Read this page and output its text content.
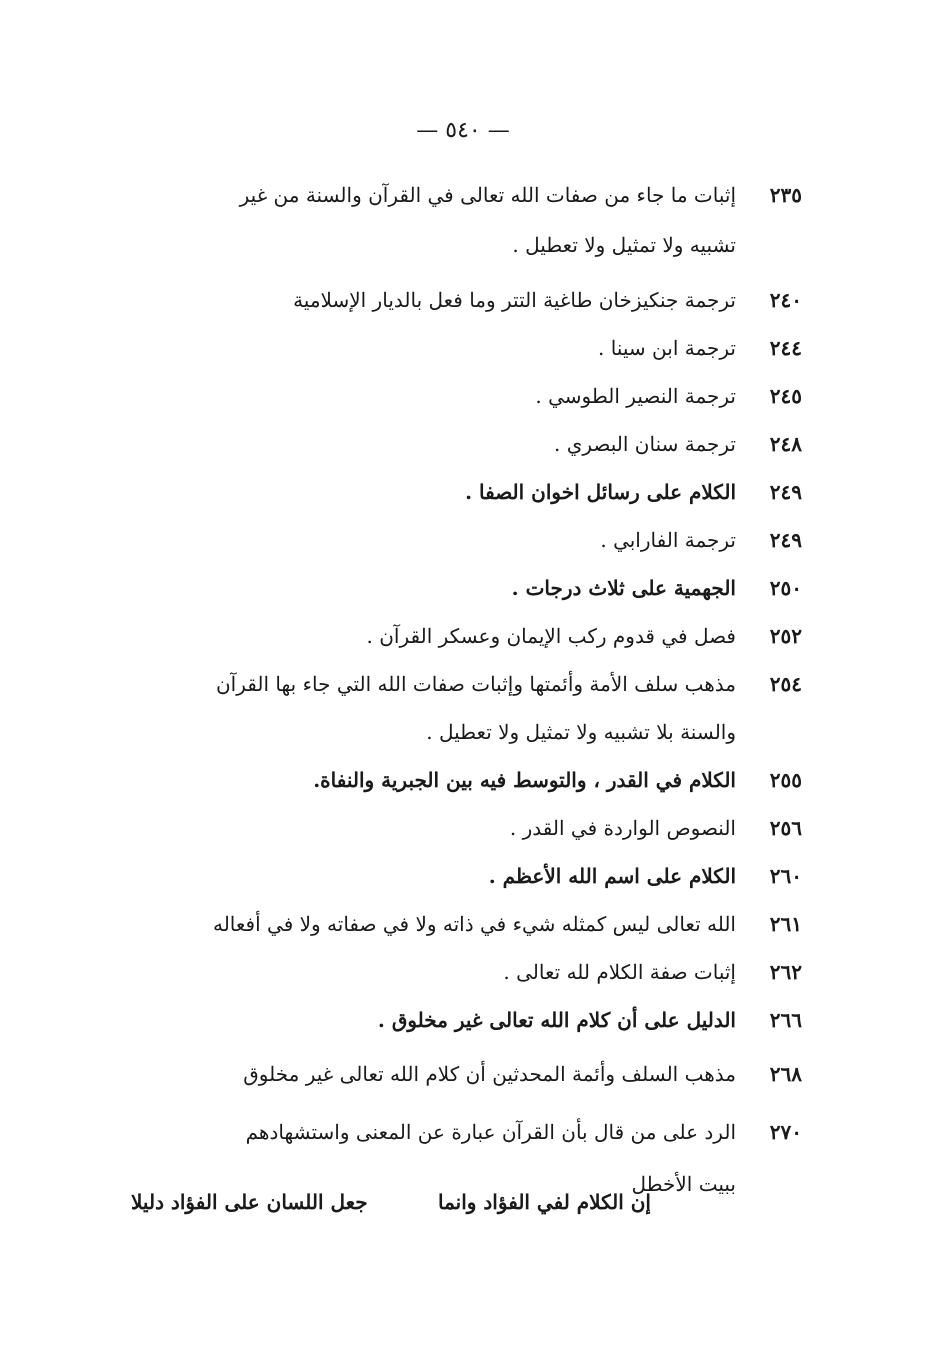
— ٥٤٠ —
٢٣٥
إثبات ما جاء من صفات الله تعالى في القرآن والسنة من غير
تشبيه ولا تمثيل ولا تعطيل .
٢٤٠
ترجمة جنكيزخان طاغية التتر وما فعل بالديار الإسلامية
٢٤٤
ترجمة ابن سينا .
٢٤٥
ترجمة النصير الطوسي .
٢٤٨
ترجمة سنان البصري .
٢٤٩
الكلام على رسائل اخوان الصفا .
٢٤٩
ترجمة الفارابي .
٢٥٠
الجهمية على ثلاث درجات .
٢٥٢
فصل في قدوم ركب الإيمان وعسكر القرآن .
٢٥٤
مذهب سلف الأمة وأئمتها وإثبات صفات الله التي جاء بها القرآن
والسنة بلا تشبيه ولا تمثيل ولا تعطيل .
٢٥٥
الكلام في القدر ، والتوسط فيه بين الجبرية والنفاة.
٢٥٦
النصوص الواردة في القدر .
٢٦٠
الكلام على اسم الله الأعظم .
٢٦١
الله تعالى ليس كمثله شيء في ذاته ولا في صفاته ولا في أفعاله
٢٦٢
إثبات صفة الكلام لله تعالى .
٢٦٦
الدليل على أن كلام الله تعالى غير مخلوق .
٢٦٨
مذهب السلف وأئمة المحدثين أن كلام الله تعالى غير مخلوق
٢٧٠
الرد على من قال بأن القرآن عبارة عن المعنى واستشهادهم
ببيت الأخطل
إن الكلام لفي الفؤاد وانما
جعل اللسان على الفؤاد دليلا
